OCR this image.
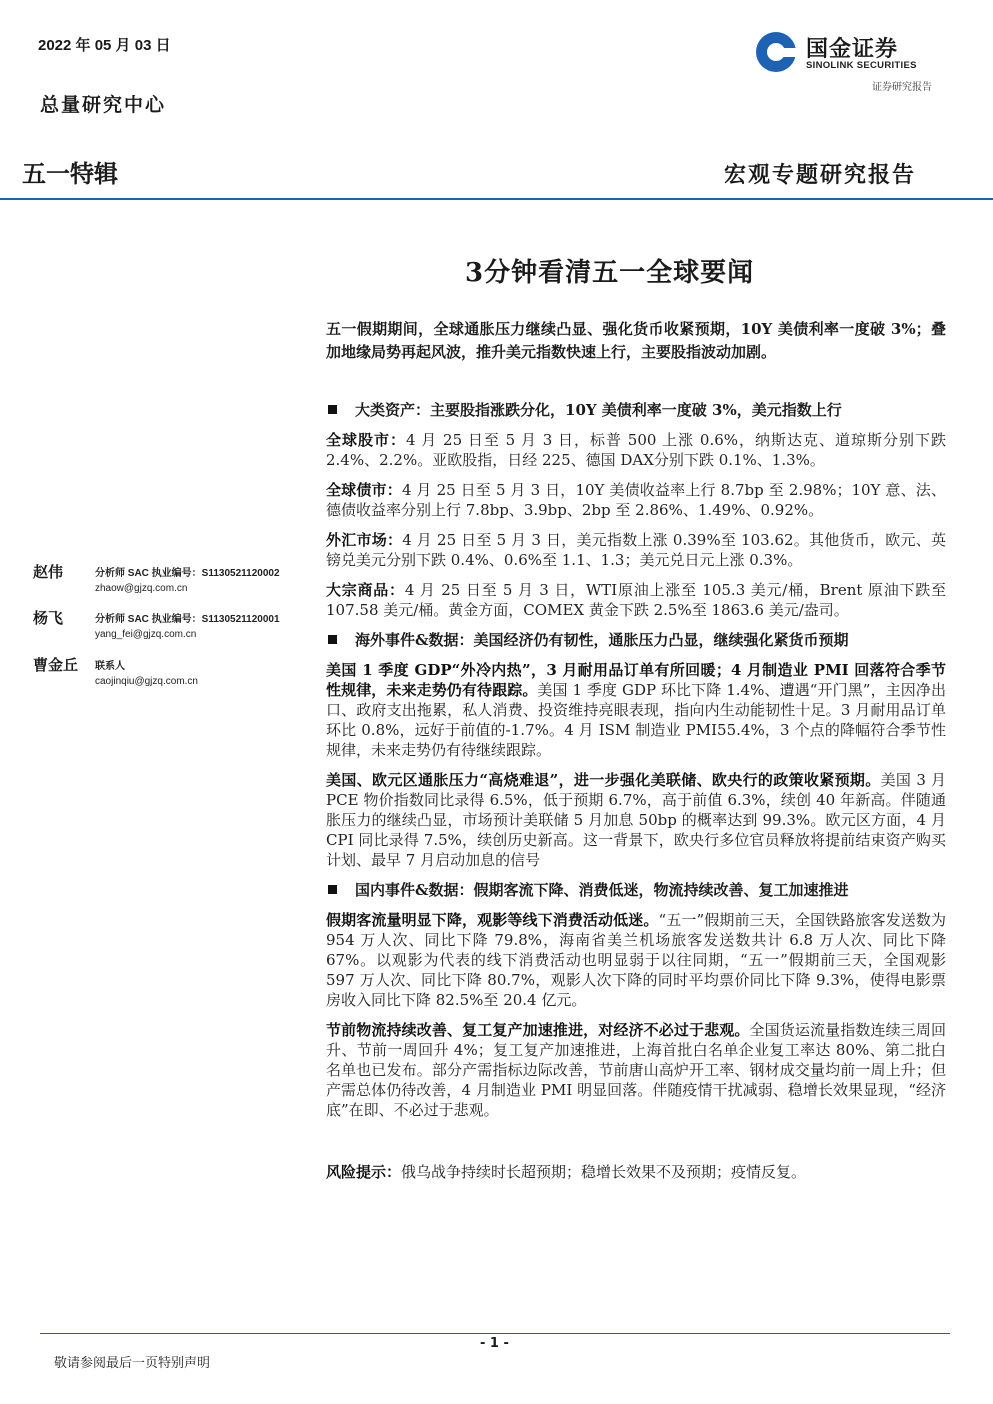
2022 年 05 月 03 日
总量研究中心
国金证券
SINOLINK SECURITIES
证券研究报告
五一特辑	宏观专题研究报告
3分钟看清五一全球要闻
五一假期期间，全球通胀压力继续凸显、强化货币收紧预期，10Y 美债利率一度破 3%；叠加地缘局势再起风波，推升美元指数快速上行，主要股指波动加剧。
大类资产：主要股指涨跌分化，10Y 美债利率一度破 3%，美元指数上行
全球股市：4 月 25 日至 5 月 3 日，标普 500 上涨 0.6%，纳斯达克、道琼斯分别下跌 2.4%、2.2%。亚欧股指，日经 225、德国 DAX分别下跌 0.1%、1.3%。
全球债市：4 月 25 日至 5 月 3 日，10Y 美债收益率上行 8.7bp 至 2.98%；10Y 意、法、德债收益率分别上行 7.8bp、3.9bp、2bp 至 2.86%、1.49%、0.92%。
外汇市场：4 月 25 日至 5 月 3 日，美元指数上涨 0.39%至 103.62。其他货币，欧元、英镑兑美元分别下跌 0.4%、0.6%至 1.1、1.3；美元兑日元上涨 0.3%。
大宗商品：4 月 25 日至 5 月 3 日，WTI原油上涨至 105.3 美元/桶，Brent 原油下跌至 107.58 美元/桶。黄金方面，COMEX 黄金下跌 2.5%至 1863.6 美元/盎司。
海外事件&数据：美国经济仍有韧性，通胀压力凸显，继续强化紧货币预期
美国 1 季度 GDP“外冷内热”，3 月耐用品订单有所回暖；4 月制造业 PMI 回落符合季节性规律，未来走势仍有待跟踪。美国 1 季度 GDP 环比下降 1.4%、遭遇“开门黑”，主因净出口、政府支出拖累，私人消费、投资维持亮眼表现，指向内生动能韧性十足。3 月耐用品订单环比 0.8%，远好于前值的-1.7%。4 月 ISM 制造业 PMI55.4%，3 个点的降幅符合季节性规律，未来走势仍有待继续跟踪。
美国、欧元区通胀压力“高烧难退”，进一步强化美联储、欧央行的政策收紧预期。美国 3 月 PCE 物价指数同比录得 6.5%，低于预期 6.7%，高于前值 6.3%，续创 40 年新高。伴随通胀压力的继续凸显，市场预计美联储 5 月加息 50bp 的概率达到 99.3%。欧元区方面，4 月 CPI 同比录得 7.5%，续创历史新高。这一背景下，欧央行多位官员释放将提前结束资产购买计划、最早 7 月启动加息的信号
国内事件&数据：假期客流下降、消费低迷，物流持续改善、复工加速推进
假期客流量明显下降，观影等线下消费活动低迷。“五一”假期前三天，全国铁路旅客发送数为 954 万人次、同比下降 79.8%，海南省美兰机场旅客发送数共计 6.8 万人次、同比下降 67%。以观影为代表的线下消费活动也明显弱于以往同期，“五一”假期前三天，全国观影 597 万人次、同比下降 80.7%，观影人次下降的同时平均票价同比下降 9.3%，使得电影票房收入同比下降 82.5%至 20.4 亿元。
节前物流持续改善、复工复产加速推进，对经济不必过于悲观。全国货运流量指数连续三周回升、节前一周回升 4%；复工复产加速推进，上海首批白名单企业复工率达 80%、第二批白名单也已发布。部分产需指标边际改善，节前唐山高炉开工率、钢材成交量均前一周上升；但产需总体仍待改善，4 月制造业 PMI 明显回落。伴随疫情干扰减弱、稳增长效果显现，“经济底”在即、不必过于悲观。
风险提示：俄乌战争持续时长超预期；稳增长效果不及预期；疫情反复。
赵伟	分析师 SAC 执业编号：S1130521120002
zhaow@gjzq.com.cn
杨飞	分析师 SAC 执业编号：S1130521120001
yang_fei@gjzq.com.cn
曹金丘 联系人
caojinqiu@gjzq.com.cn
- 1 -
敬请参阅最后一页特别声明
